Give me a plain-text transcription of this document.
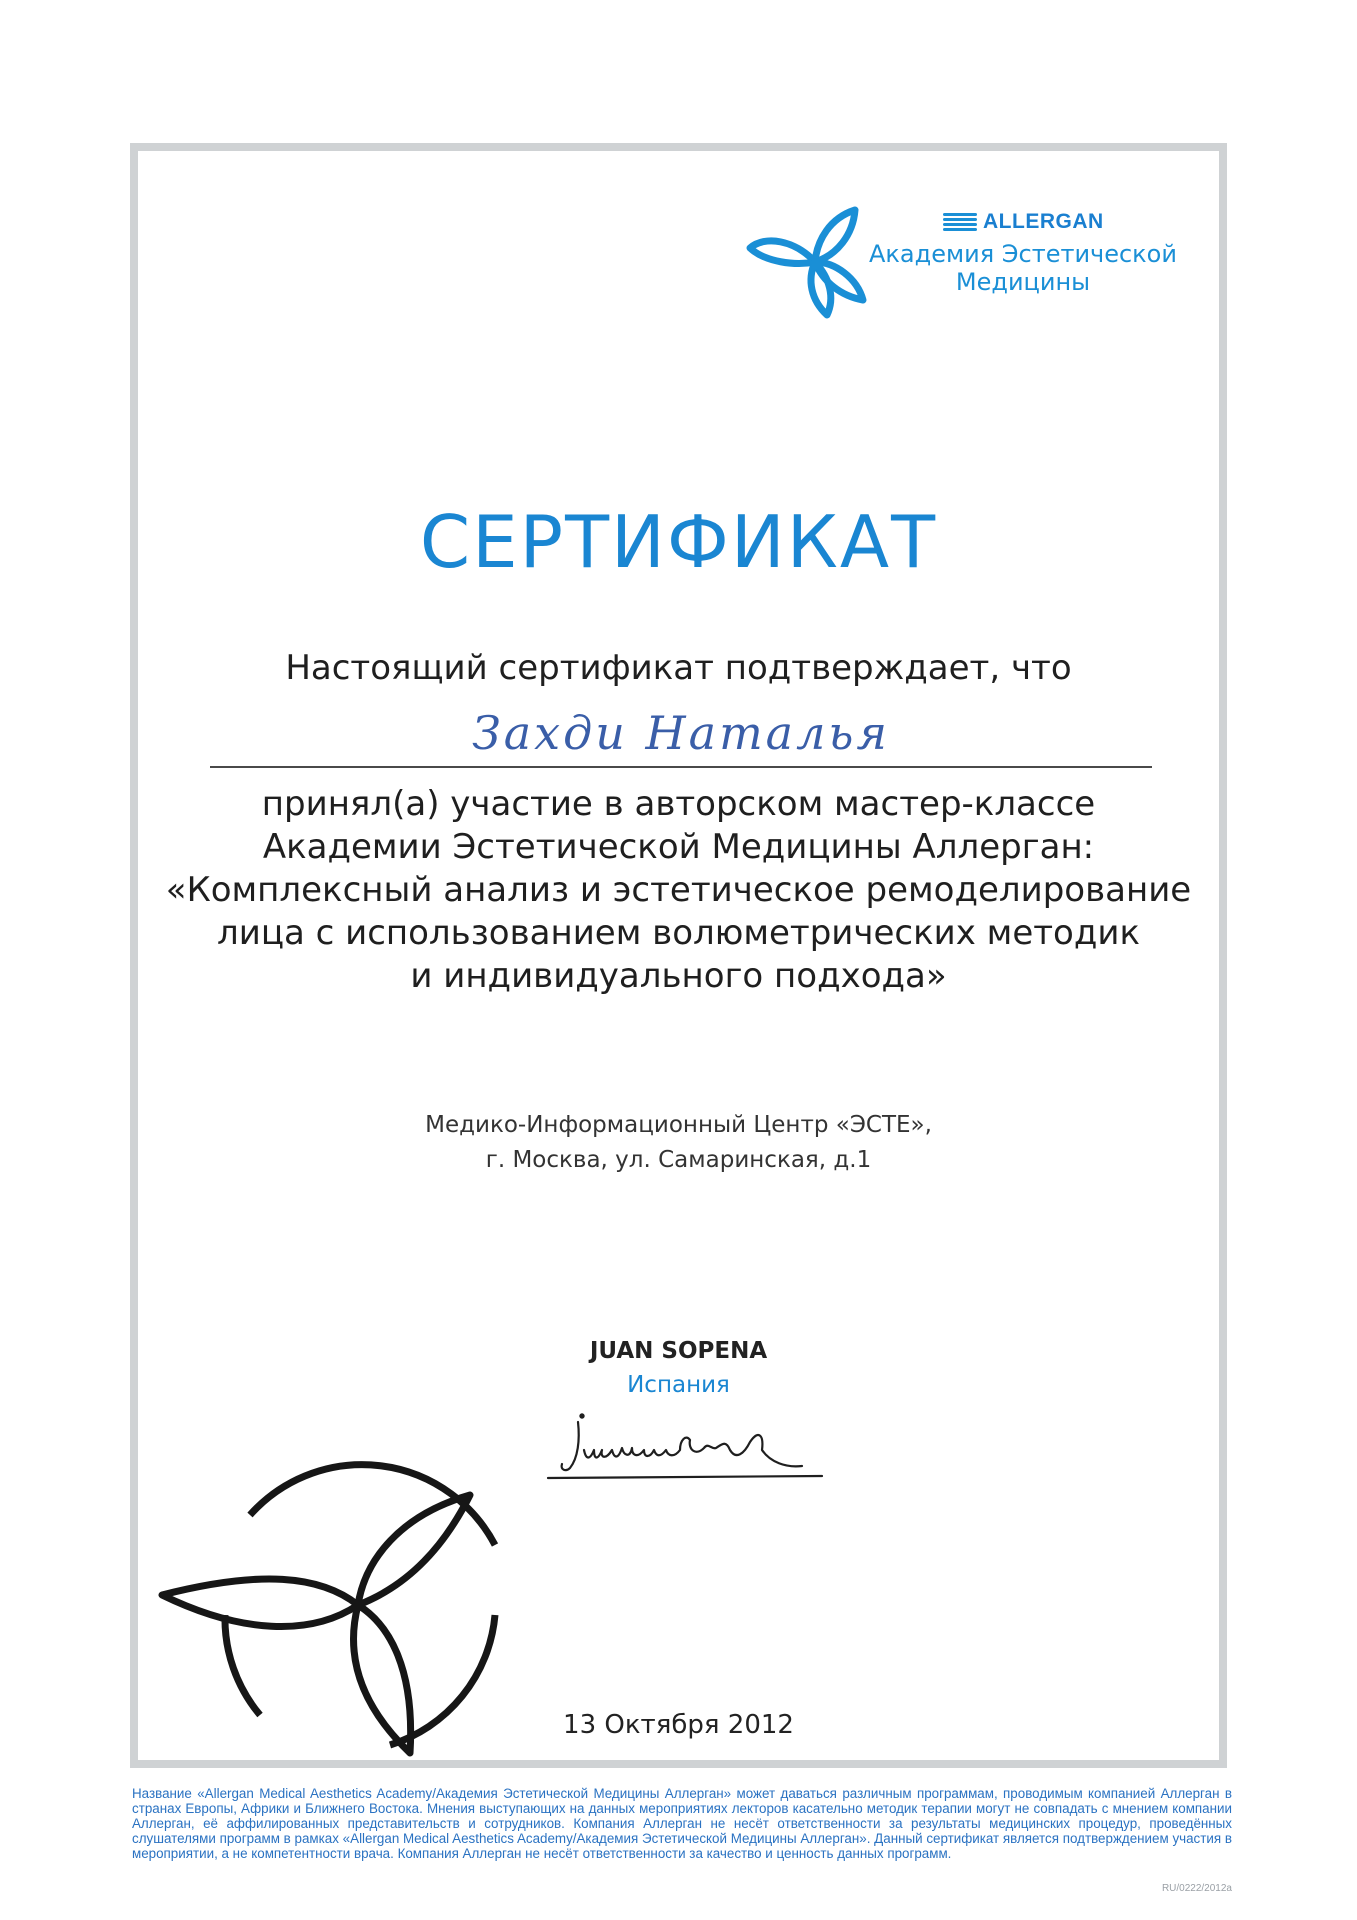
ALLERGAN
Академия Эстетической
Медицины
СЕРТИФИКАТ
Настоящий сертификат подтверждает, что
Захди Наталья
принял(а) участие в авторском мастер-классе
Академии Эстетической Медицины Аллерган:
«Комплексный анализ и эстетическое ремоделирование
лица с использованием волюметрических методик
и индивидуального подхода»
Медико-Информационный Центр «ЭСТЕ»,
г. Москва, ул. Самаринская, д.1
JUAN SOPENA
Испания
13 Октября 2012
Название «Allergan Medical Aesthetics Academy/Академия Эстетической Медицины Аллерган» может даваться различным программам, проводимым компанией Аллерган в странах Европы, Африки и Ближнего Востока. Мнения выступающих на данных мероприятиях лекторов касательно методик терапии могут не совпадать с мнением компании Аллерган, её аффилированных представительств и сотрудников. Компания Аллерган не несёт ответственности за результаты медицинских процедур, проведённых слушателями программ в рамках «Allergan Medical Aesthetics Academy/Академия Эстетической Медицины Аллерган». Данный сертификат является подтверждением участия в мероприятии, а не компетентности врача. Компания Аллерган не несёт ответственности за качество и ценность данных программ.
RU/0222/2012a
